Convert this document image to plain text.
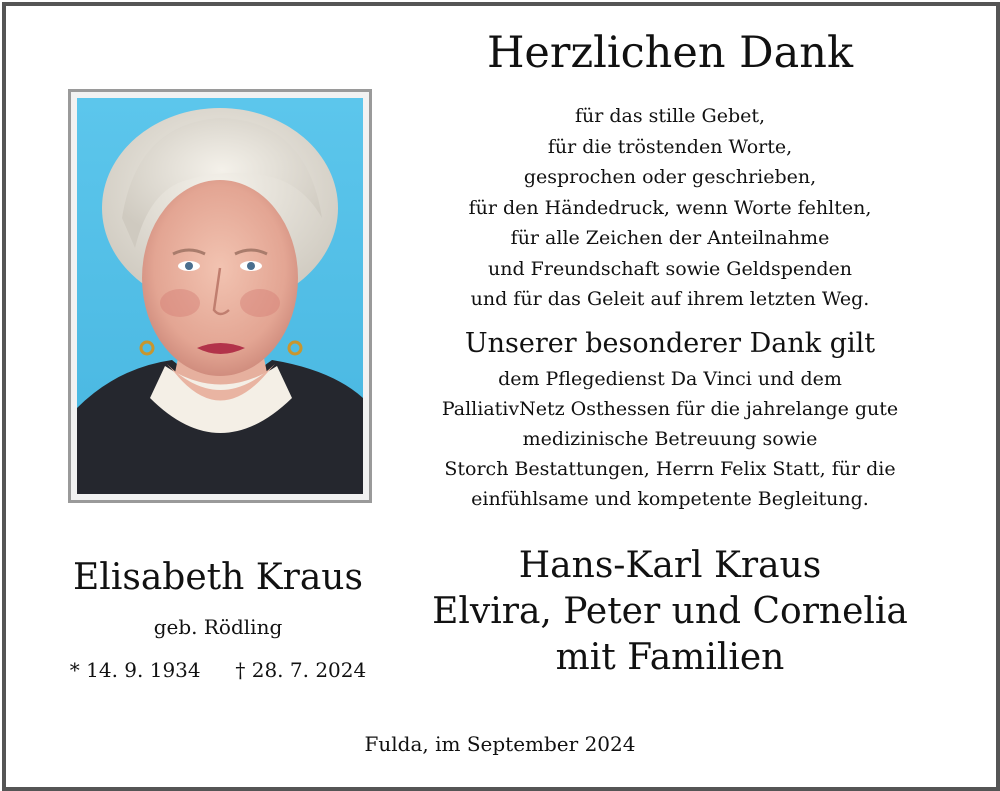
Herzlichen Dank
für das stille Gebet,
für die tröstenden Worte,
gesprochen oder geschrieben,
für den Händedruck, wenn Worte fehlten,
für alle Zeichen der Anteilnahme
und Freundschaft sowie Geldspenden
und für das Geleit auf ihrem letzten Weg.
Unserer besonderer Dank gilt
dem Pflegedienst Da Vinci und dem
PalliativNetz Osthessen für die jahrelange gute
medizinische Betreuung sowie
Storch Bestattungen, Herrn Felix Statt, für die
einfühlsame und kompetente Begleitung.
Hans-Karl Kraus
Elvira, Peter und Cornelia
mit Familien
Elisabeth Kraus
geb. Rödling
* 14. 9. 1934 † 28. 7. 2024
Fulda, im September 2024
